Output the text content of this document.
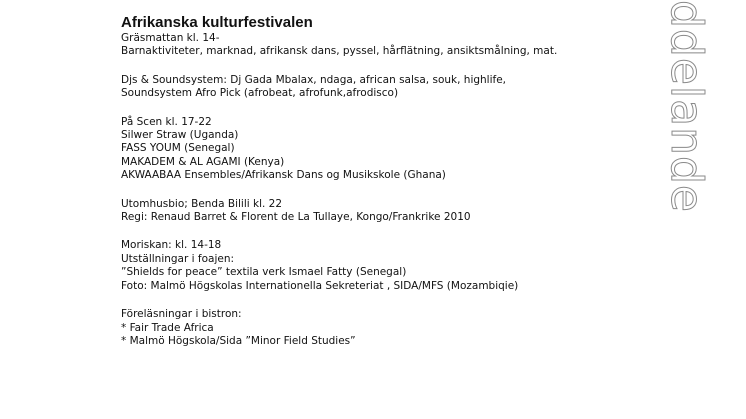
Afrikanska kulturfestivalen
Gräsmattan kl. 14-
Barnaktiviteter, marknad, afrikansk dans, pyssel, hårflätning, ansiktsmålning, mat.
Djs & Soundsystem: Dj Gada Mbalax, ndaga, african salsa, souk, highlife,
Soundsystem Afro Pick (afrobeat, afrofunk,afrodisco)
På Scen kl. 17-22
Silwer Straw (Uganda)
FASS YOUM (Senegal)
MAKADEM & AL AGAMI (Kenya)
AKWAABAA Ensembles/Afrikansk Dans og Musikskole (Ghana)
Utomhusbio; Benda Bilili kl. 22
Regi: Renaud Barret & Florent de La Tullaye, Kongo/Frankrike 2010
Moriskan: kl. 14-18
Utställningar i foajen:
”Shields for peace” textila verk Ismael Fatty (Senegal)
Foto: Malmö Högskolas Internationella Sekreteriat , SIDA/MFS (Mozambiqie)
Föreläsningar i bistron:
* Fair Trade Africa
* Malmö Högskola/Sida ”Minor Field Studies”
ddelande
